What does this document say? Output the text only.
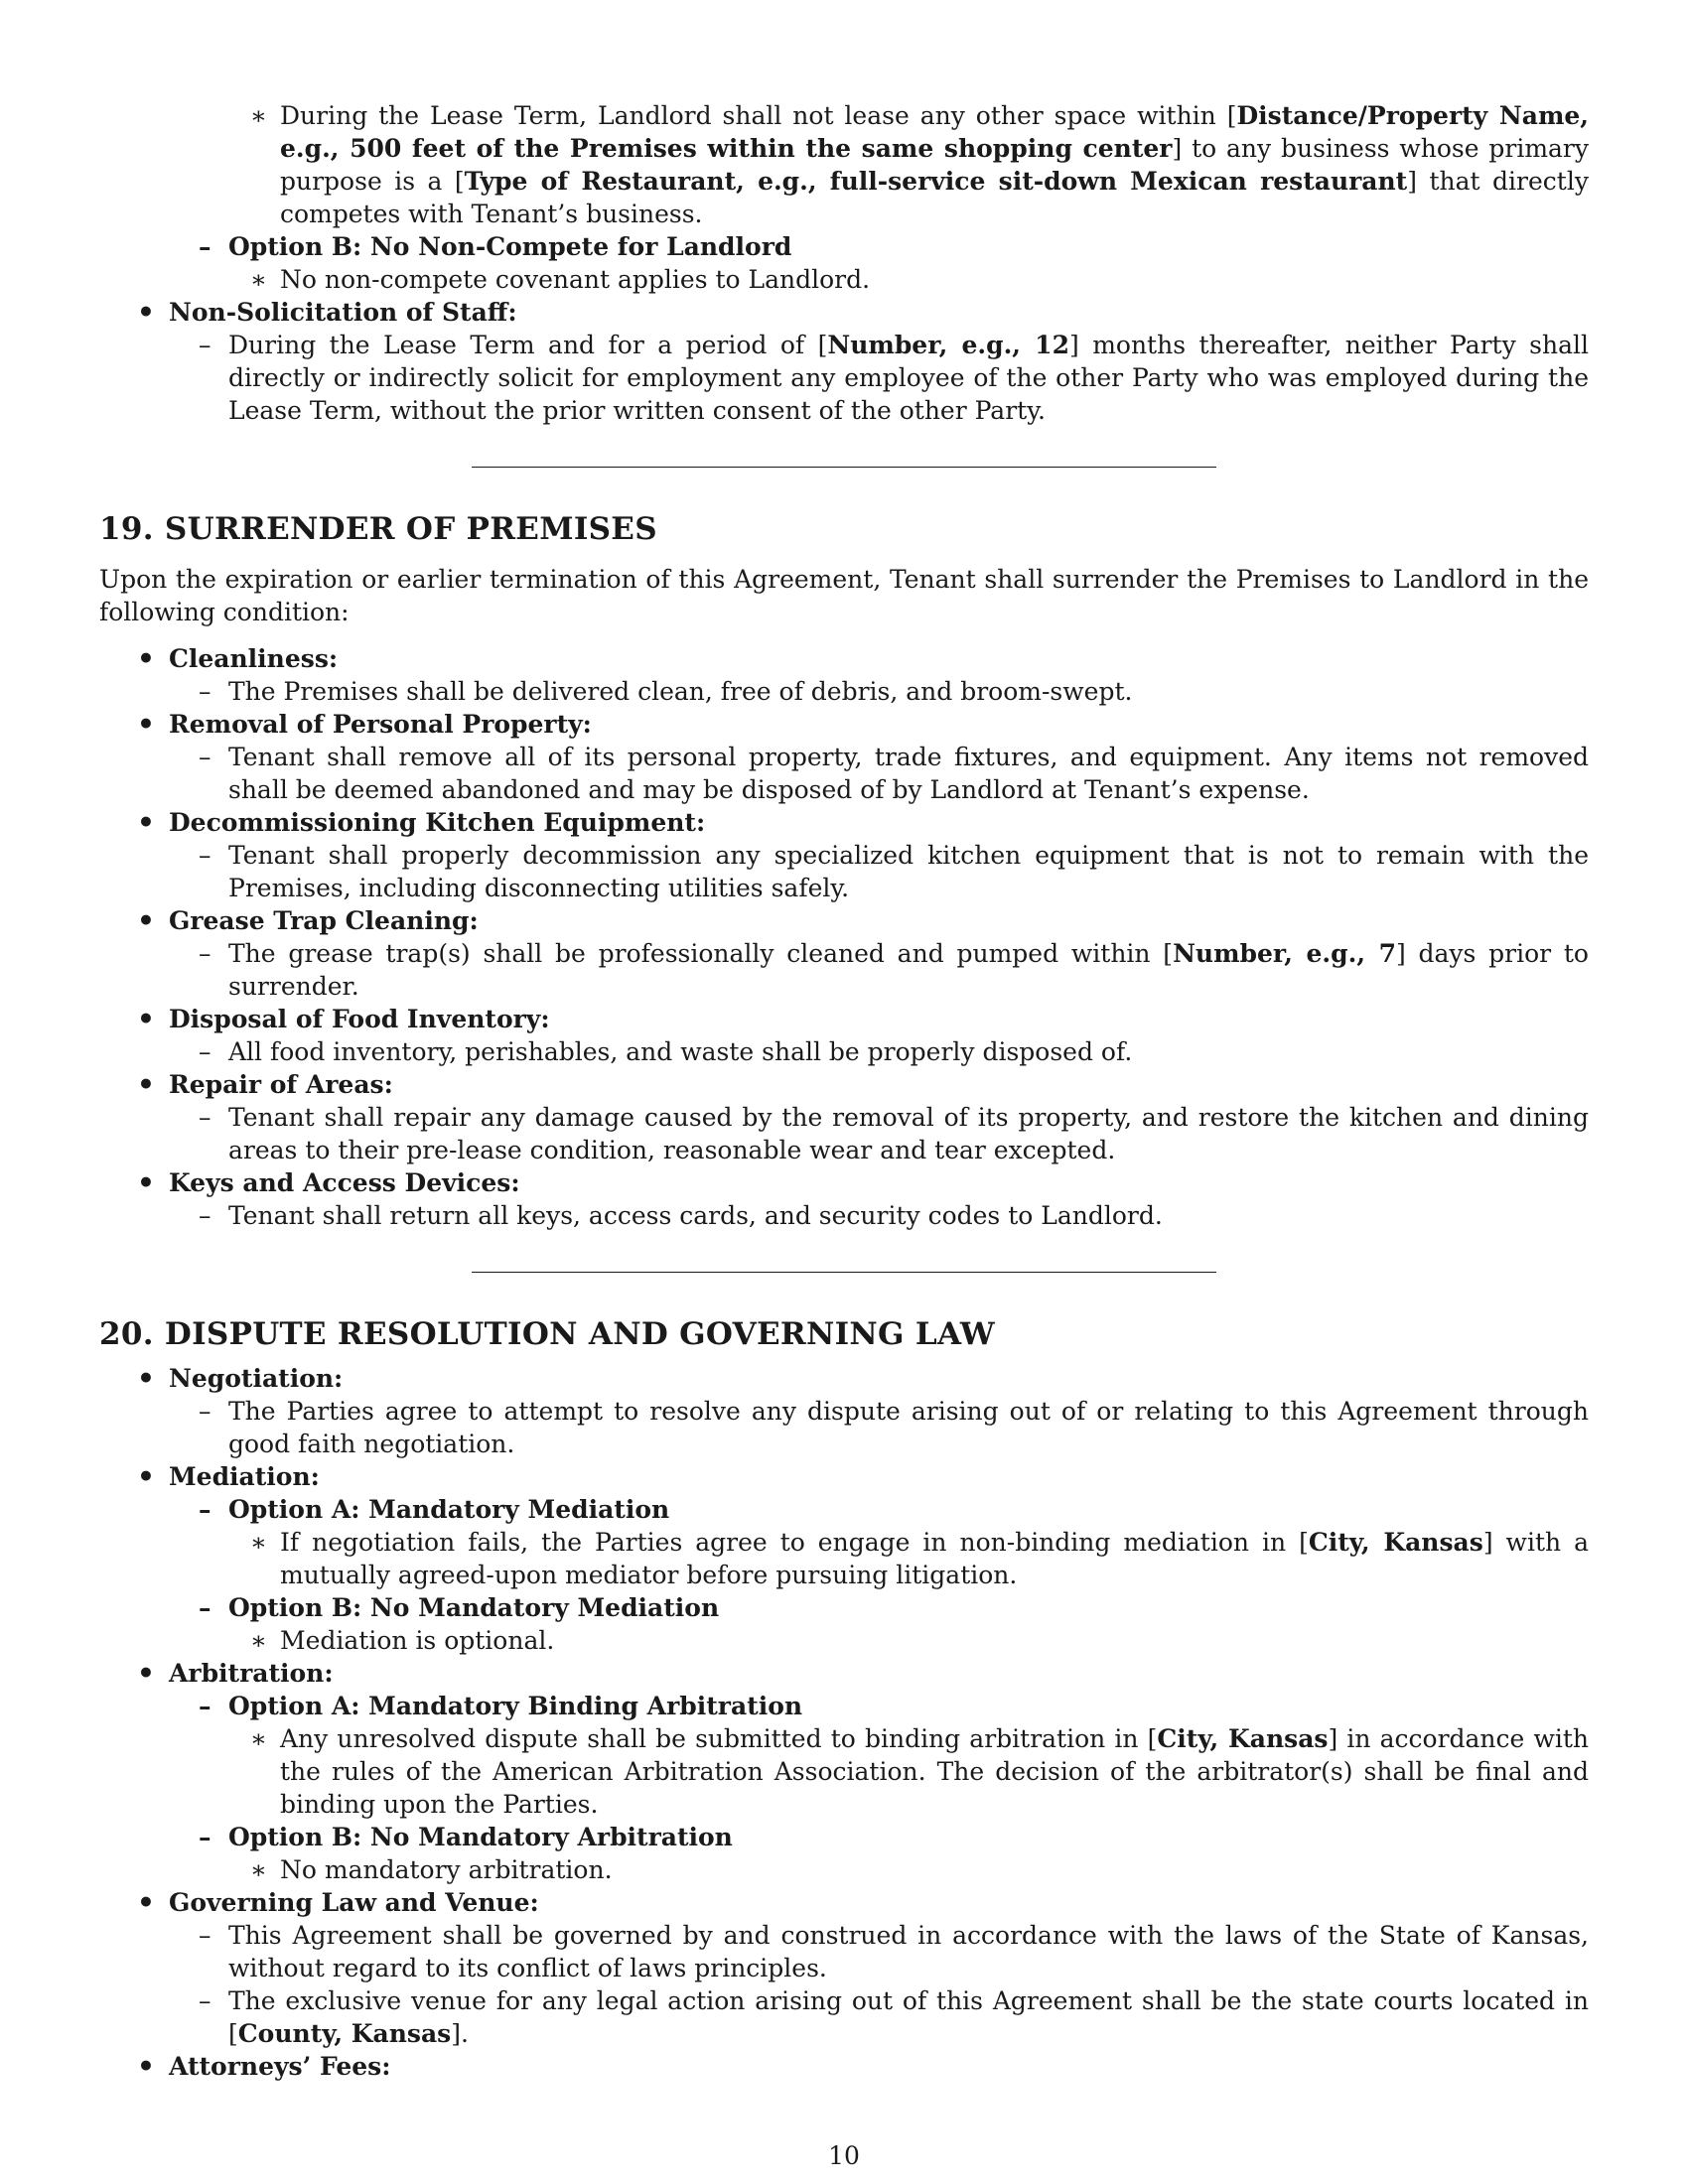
∗ During the Lease Term, Landlord shall not lease any other space within [Distance/Property Name, e.g., 500 feet of the Premises within the same shopping center] to any business whose primary purpose is a [Type of Restaurant, e.g., full-service sit-down Mexican restaurant] that directly competes with Tenant’s business.
– Option B: No Non-Compete for Landlord
∗ No non-compete covenant applies to Landlord.
• Non-Solicitation of Staff:
– During the Lease Term and for a period of [Number, e.g., 12] months thereafter, neither Party shall directly or indirectly solicit for employment any employee of the other Party who was employed during the Lease Term, without the prior written consent of the other Party.
19. SURRENDER OF PREMISES
Upon the expiration or earlier termination of this Agreement, Tenant shall surrender the Premises to Landlord in the following condition:
• Cleanliness:
– The Premises shall be delivered clean, free of debris, and broom-swept.
• Removal of Personal Property:
– Tenant shall remove all of its personal property, trade fixtures, and equipment. Any items not removed shall be deemed abandoned and may be disposed of by Landlord at Tenant’s expense.
• Decommissioning Kitchen Equipment:
– Tenant shall properly decommission any specialized kitchen equipment that is not to remain with the Premises, including disconnecting utilities safely.
• Grease Trap Cleaning:
– The grease trap(s) shall be professionally cleaned and pumped within [Number, e.g., 7] days prior to surrender.
• Disposal of Food Inventory:
– All food inventory, perishables, and waste shall be properly disposed of.
• Repair of Areas:
– Tenant shall repair any damage caused by the removal of its property, and restore the kitchen and dining areas to their pre-lease condition, reasonable wear and tear excepted.
• Keys and Access Devices:
– Tenant shall return all keys, access cards, and security codes to Landlord.
20. DISPUTE RESOLUTION AND GOVERNING LAW
• Negotiation:
– The Parties agree to attempt to resolve any dispute arising out of or relating to this Agreement through good faith negotiation.
• Mediation:
– Option A: Mandatory Mediation
∗ If negotiation fails, the Parties agree to engage in non-binding mediation in [City, Kansas] with a mutually agreed-upon mediator before pursuing litigation.
– Option B: No Mandatory Mediation
∗ Mediation is optional.
• Arbitration:
– Option A: Mandatory Binding Arbitration
∗ Any unresolved dispute shall be submitted to binding arbitration in [City, Kansas] in accordance with the rules of the American Arbitration Association. The decision of the arbitrator(s) shall be final and binding upon the Parties.
– Option B: No Mandatory Arbitration
∗ No mandatory arbitration.
• Governing Law and Venue:
– This Agreement shall be governed by and construed in accordance with the laws of the State of Kansas, without regard to its conflict of laws principles.
– The exclusive venue for any legal action arising out of this Agreement shall be the state courts located in [County, Kansas].
• Attorneys’ Fees:
10
